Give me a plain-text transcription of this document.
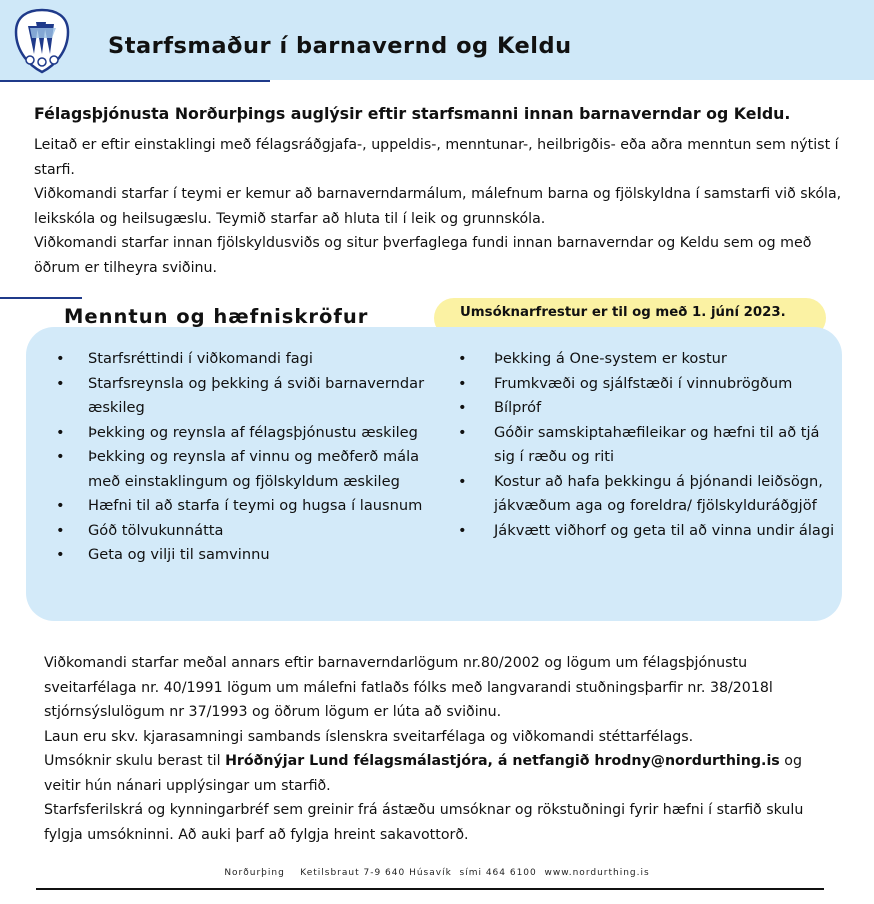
Starfsmaður í barnavernd og Keldu
Félagsþjónusta Norðurþings auglýsir eftir starfsmanni innan barnaverndar og Keldu.

Leitað er eftir einstaklingi með félagsráðgjafa-, uppeldis-, menntunar-, heilbrigðis- eða aðra menntun sem nýtist í starfi.

Viðkomandi starfar í teymi er kemur að barnaverndarmálum, málefnum barna og fjölskyldna í samstarfi við skóla, leikskóla og heilsugæslu. Teymið starfar að hluta til í leik og grunnskóla.

Viðkomandi starfar innan fjölskyldusviðs og situr þverfaglega fundi innan barnaverndar og Keldu sem og með öðrum er tilheyra sviðinu.

Umsóknarfrestur er til og með 1. júní 2023.
Menntun og hæfniskröfur
• Starfsréttindi í viðkomandi fagi
• Starfsreynsla og þekking á sviði barnaverndar æskileg
• Þekking og reynsla af félagsþjónustu æskileg
• Þekking og reynsla af vinnu og meðferð mála með einstaklingum og fjölskyldum æskileg
• Hæfni til að starfa í teymi og hugsa í lausnum
• Góð tölvukunnátta
• Geta og vilji til samvinnu
• Þekking á One-system er kostur
• Frumkvæði og sjálfstæði í vinnubrögðum
• Bílpróf
• Góðir samskiptahæfileikar og hæfni til að tjá sig í ræðu og riti
• Kostur að hafa þekkingu á þjónandi leiðsögn, jákvæðum aga og foreldra/ fjölskylduráðgjöf
• Jákvætt viðhorf og geta til að vinna undir álagi

Viðkomandi starfar meðal annars eftir barnaverndarlögum nr.80/2002 og lögum um félagsþjónustu sveitarfélaga nr. 40/1991 lögum um málefni fatlaðs fólks með langvarandi stuðningsþarfir nr. 38/2018l stjórnsýslulögum nr 37/1993 og öðrum lögum er lúta að sviðinu.

Laun eru skv. kjarasamningi sambands íslenskra sveitarfélaga og viðkomandi stéttarfélags.

Umsóknir skulu berast til Hróðnýjar Lund félagsmálastjóra, á netfangið hrodny@nordurthing.is og veitir hún nánari upplýsingar um starfið.

Starfsferilskrá og kynningarbréf sem greinir frá ástæðu umsóknar og rökstuðningi fyrir hæfni í starfið skulu fylgja umsókninni. Að auki þarf að fylgja hreint sakavottorð.

Norðurþing    Ketilsbraut 7-9 640 Húsavík  sími 464 6100  www.nordurthing.is
